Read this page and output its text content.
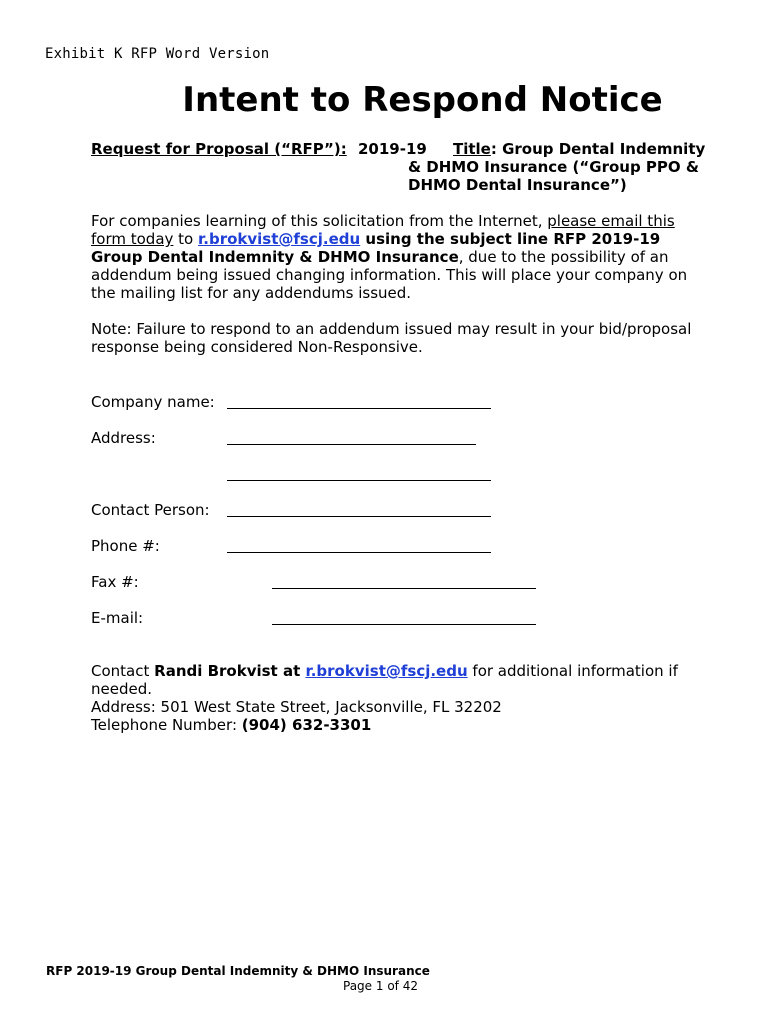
Exhibit K RFP Word Version
Intent to Respond Notice
Request for Proposal (“RFP”): 2019-19 Title: Group Dental Indemnity
& DHMO Insurance (“Group PPO &
DHMO Dental Insurance”)
For companies learning of this solicitation from the Internet, please email this form today to r.brokvist@fscj.edu using the subject line RFP 2019-19 Group Dental Indemnity & DHMO Insurance, due to the possibility of an addendum being issued changing information. This will place your company on the mailing list for any addendums issued.
Note: Failure to respond to an addendum issued may result in your bid/proposal response being considered Non-Responsive.
Company name:
Address:
Contact Person:
Phone #:
Fax #:
E-mail:
Contact Randi Brokvist at r.brokvist@fscj.edu for additional information if needed.
Address: 501 West State Street, Jacksonville, FL 32202
Telephone Number: (904) 632-3301
RFP 2019-19 Group Dental Indemnity & DHMO Insurance
Page 1 of 42
